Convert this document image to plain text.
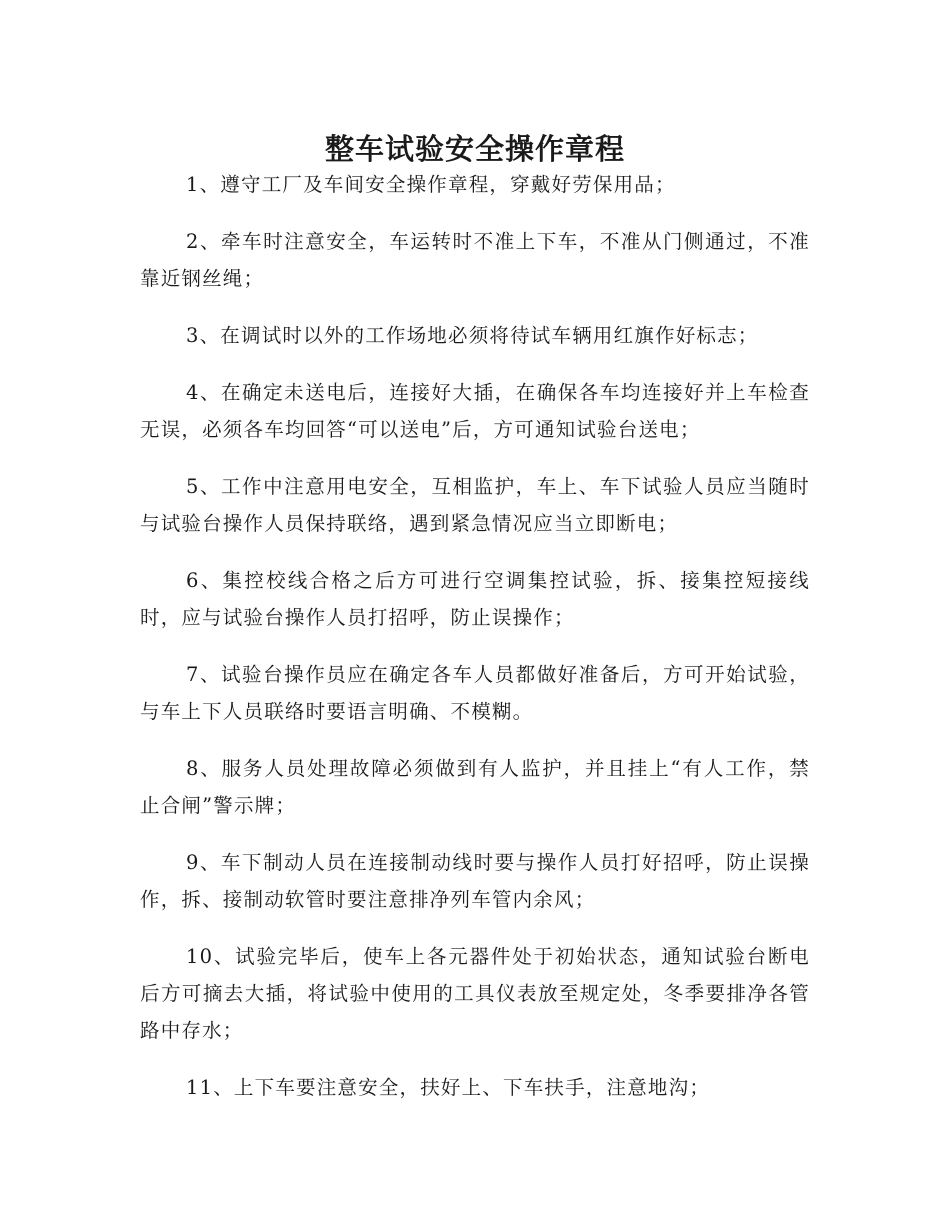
整车试验安全操作章程

1、遵守工厂及车间安全操作章程，穿戴好劳保用品；

2、牵车时注意安全，车运转时不准上下车，不准从门侧通过，不准靠近钢丝绳；

3、在调试时以外的工作场地必须将待试车辆用红旗作好标志；

4、在确定未送电后，连接好大插，在确保各车均连接好并上车检查无误，必须各车均回答“可以送电”后，方可通知试验台送电；

5、工作中注意用电安全，互相监护，车上、车下试验人员应当随时与试验台操作人员保持联络，遇到紧急情况应当立即断电；

6、集控校线合格之后方可进行空调集控试验，拆、接集控短接线时，应与试验台操作人员打招呼，防止误操作；

7、试验台操作员应在确定各车人员都做好准备后，方可开始试验，与车上下人员联络时要语言明确、不模糊。

8、服务人员处理故障必须做到有人监护，并且挂上“有人工作，禁止合闸”警示牌；

9、车下制动人员在连接制动线时要与操作人员打好招呼，防止误操作，拆、接制动软管时要注意排净列车管内余风；

10、试验完毕后，使车上各元器件处于初始状态，通知试验台断电后方可摘去大插，将试验中使用的工具仪表放至规定处，冬季要排净各管路中存水；

11、上下车要注意安全，扶好上、下车扶手，注意地沟；
